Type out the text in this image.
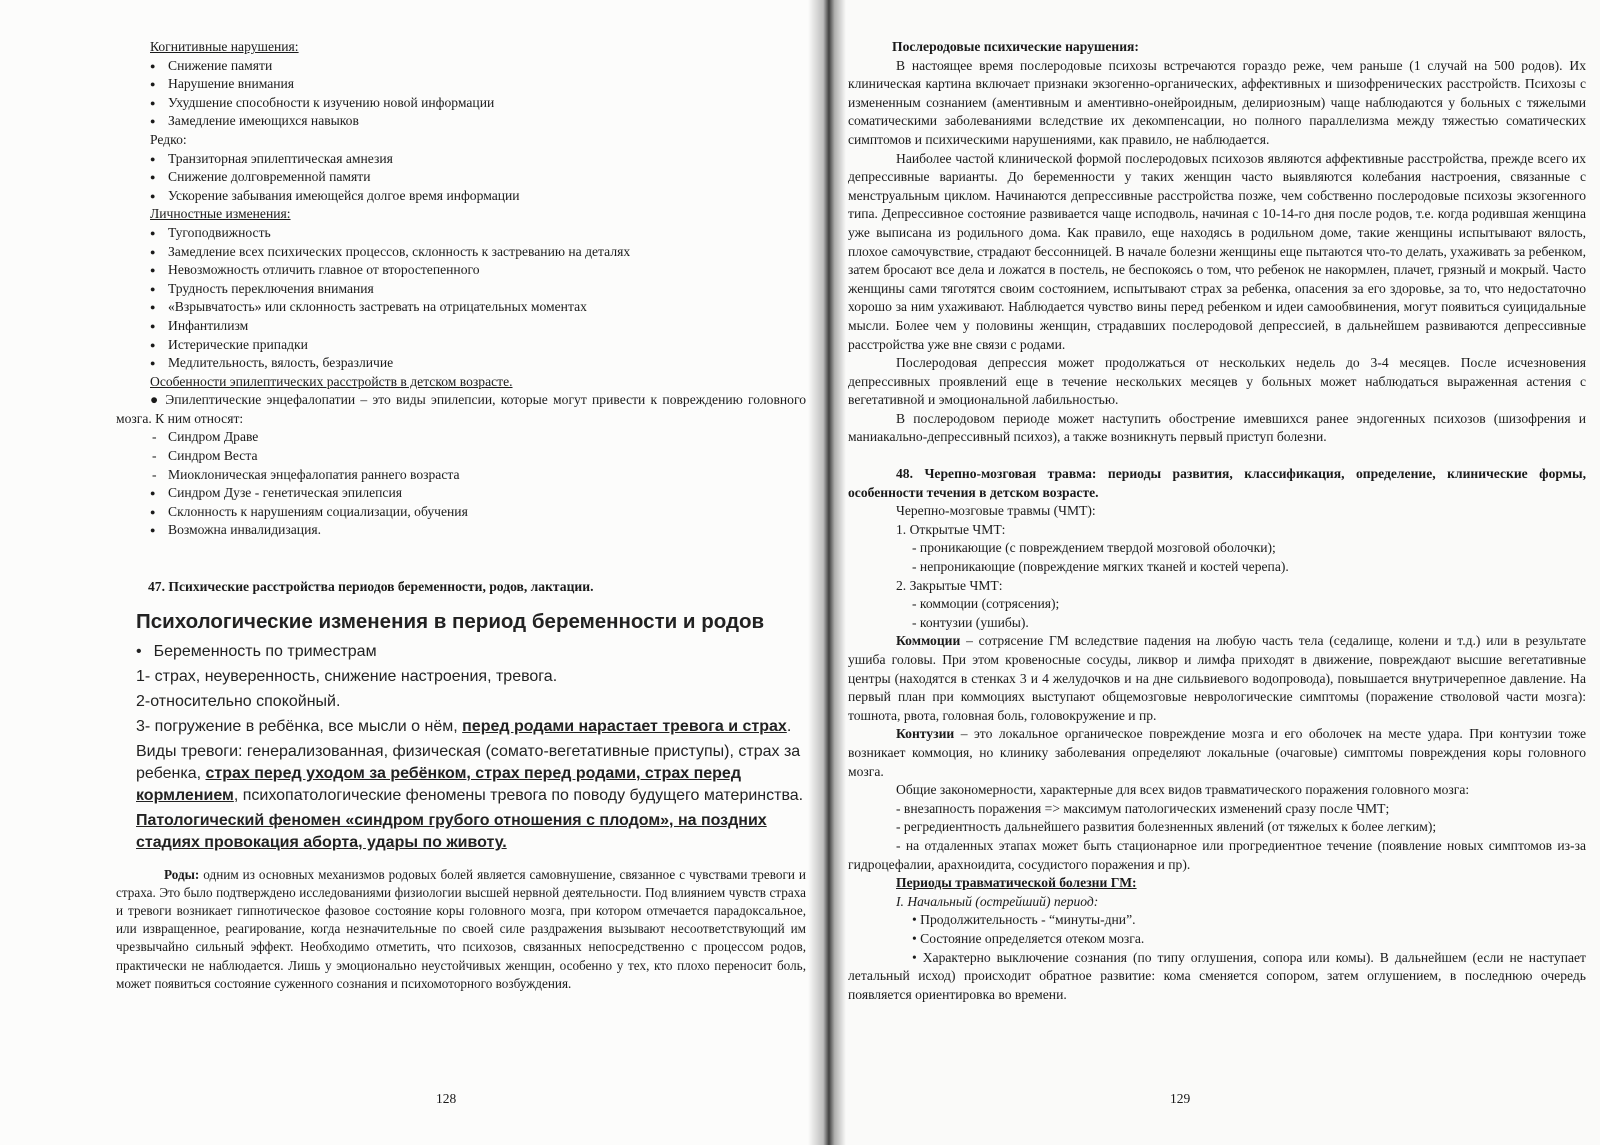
Когнитивные нарушения:

● Снижение памяти
● Нарушение внимания
● Ухудшение способности к изучению новой информации
● Замедление имеющихся навыков

Редко:

● Транзиторная эпилептическая амнезия
● Снижение долговременной памяти
● Ускорение забывания имеющейся долгое время информации

Личностные изменения:

● Тугоподвижность
● Замедление всех психических процессов, склонность к застреванию на деталях
● Невозможность отличить главное от второстепенного
● Трудность переключения внимания
● «Взрывчатость» или склонность застревать на отрицательных моментах
● Инфантилизм
● Истерические припадки
● Медлительность, вялость, безразличие

Особенности эпилептических расстройств в детском возрасте.

● Эпилептические энцефалопатии – это виды эпилепсии, которые могут привести к повреждению головного мозга. К ним относят:

- Синдром Драве
- Синдром Веста
- Миоклоническая энцефалопатия раннего возраста
● Синдром Дузе - генетическая эпилепсия
● Склонность к нарушениям социализации, обучения
● Возможна инвалидизация.

47. Психические расстройства периодов беременности, родов, лактации.

Психологические изменения в период беременности и родов

• Беременность по триместрам

1- страх, неуверенность, снижение настроения, тревога.

2-относительно спокойный.

3- погружение в ребёнка, все мысли о нём, перед родами нарастает тревога и страх.

Виды тревоги: генерализованная, физическая (сомато-вегетативные приступы), страх за ребенка, страх перед уходом за ребёнком, страх перед родами, страх перед кормлением, психопатологические феномены тревога по поводу будущего материнства.

Патологический феномен «синдром грубого отношения с плодом», на поздних стадиях провокация аборта, удары по животу.

Роды: одним из основных механизмов родовых болей является самовнушение, связанное с чувствами тревоги и страха. Это было подтверждено исследованиями физиологии высшей нервной деятельности. Под влиянием чувств страха и тревоги возникает гипнотическое фазовое состояние коры головного мозга, при котором отмечается парадоксальное, или извращенное, реагирование, когда незначительные по своей силе раздражения вызывают несоответствующий им чрезвычайно сильный эффект. Необходимо отметить, что психозов, связанных непосредственно с процессом родов, практически не наблюдается. Лишь у эмоционально неустойчивых женщин, особенно у тех, кто плохо переносит боль, может появиться состояние суженного сознания и психомоторного возбуждения.

128

Послеродовые психические нарушения:

В настоящее время послеродовые психозы встречаются гораздо реже, чем раньше (1 случай на 500 родов). Их клиническая картина включает признаки экзогенно-органических, аффективных и шизофренических расстройств. Психозы с измененным сознанием (аментивным и аментивно-онейроидным, делириозным) чаще наблюдаются у больных с тяжелыми соматическими заболеваниями вследствие их декомпенсации, но полного параллелизма между тяжестью соматических симптомов и психическими нарушениями, как правило, не наблюдается.

Наиболее частой клинической формой послеродовых психозов являются аффективные расстройства, прежде всего их депрессивные варианты. До беременности у таких женщин часто выявляются колебания настроения, связанные с менструальным циклом. Начинаются депрессивные расстройства позже, чем собственно послеродовые психозы экзогенного типа. Депрессивное состояние развивается чаще исподволь, начиная с 10-14-го дня после родов, т.е. когда родившая женщина уже выписана из родильного дома. Как правило, еще находясь в родильном доме, такие женщины испытывают вялость, плохое самочувствие, страдают бессонницей. В начале болезни женщины еще пытаются что-то делать, ухаживать за ребенком, затем бросают все дела и ложатся в постель, не беспокоясь о том, что ребенок не накормлен, плачет, грязный и мокрый. Часто женщины сами тяготятся своим состоянием, испытывают страх за ребенка, опасения за его здоровье, за то, что недостаточно хорошо за ним ухаживают. Наблюдается чувство вины перед ребенком и идеи самообвинения, могут появиться суицидальные мысли. Более чем у половины женщин, страдавших послеродовой депрессией, в дальнейшем развиваются депрессивные расстройства уже вне связи с родами.

Послеродовая депрессия может продолжаться от нескольких недель до 3-4 месяцев. После исчезновения депрессивных проявлений еще в течение нескольких месяцев у больных может наблюдаться выраженная астения с вегетативной и эмоциональной лабильностью.

В послеродовом периоде может наступить обострение имевшихся ранее эндогенных психозов (шизофрения и маниакально-депрессивный психоз), а также возникнуть первый приступ болезни.

48. Черепно-мозговая травма: периоды развития, классификация, определение, клинические формы, особенности течения в детском возрасте.

Черепно-мозговые травмы (ЧМТ):

1. Открытые ЧМТ:

- проникающие (с повреждением твердой мозговой оболочки);

- непроникающие (повреждение мягких тканей и костей черепа).

2. Закрытые ЧМТ:

- коммоции (сотрясения);

- контузии (ушибы).

Коммоции – сотрясение ГМ вследствие падения на любую часть тела (седалище, колени и т.д.) или в результате ушиба головы. При этом кровеносные сосуды, ликвор и лимфа приходят в движение, повреждают высшие вегетативные центры (находятся в стенках 3 и 4 желудочков и на дне сильвиевого водопровода), повышается внутричерепное давление. На первый план при коммоциях выступают общемозговые неврологические симптомы (поражение стволовой части мозга): тошнота, рвота, головная боль, головокружение и пр.

Контузии – это локальное органическое повреждение мозга и его оболочек на месте удара. При контузии тоже возникает коммоция, но клинику заболевания определяют локальные (очаговые) симптомы повреждения коры головного мозга.

Общие закономерности, характерные для всех видов травматического поражения головного мозга:

- внезапность поражения => максимум патологических изменений сразу после ЧМТ;

- регредиентность дальнейшего развития болезненных явлений (от тяжелых к более легким);

- на отдаленных этапах может быть стационарное или прогредиентное течение (появление новых симптомов из-за гидроцефалии, арахноидита, сосудистого поражения и пр).

Периоды травматической болезни ГМ:

I. Начальный (острейший) период:

• Продолжительность - “минуты-дни”.

• Состояние определяется отеком мозга.

• Характерно выключение сознания (по типу оглушения, сопора или комы). В дальнейшем (если не наступает летальный исход) происходит обратное развитие: кома сменяется сопором, затем оглушением, в последнюю очередь появляется ориентировка во времени.

129
